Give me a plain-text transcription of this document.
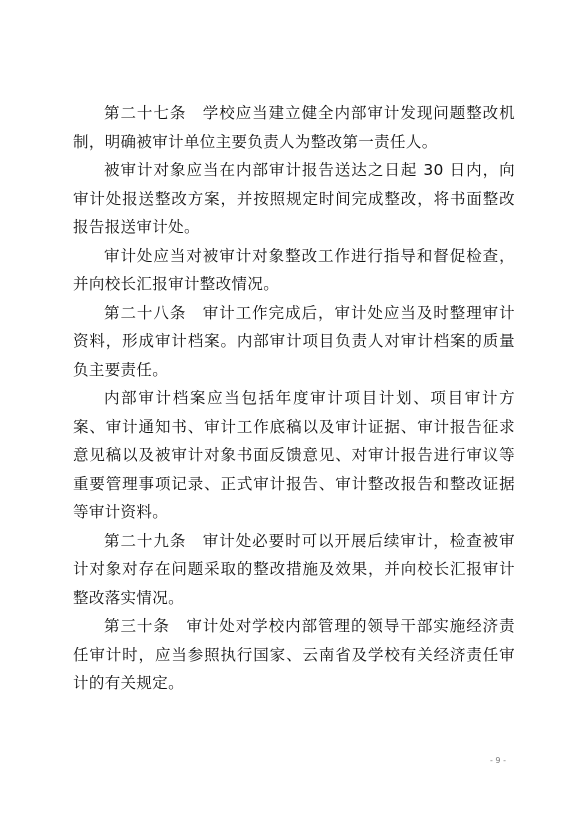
第二十七条　学校应当建立健全内部审计发现问题整改机制，明确被审计单位主要负责人为整改第一责任人。

被审计对象应当在内部审计报告送达之日起 30 日内，向审计处报送整改方案，并按照规定时间完成整改，将书面整改报告报送审计处。

审计处应当对被审计对象整改工作进行指导和督促检查，并向校长汇报审计整改情况。

第二十八条　审计工作完成后，审计处应当及时整理审计资料，形成审计档案。内部审计项目负责人对审计档案的质量负主要责任。

内部审计档案应当包括年度审计项目计划、项目审计方案、审计通知书、审计工作底稿以及审计证据、审计报告征求意见稿以及被审计对象书面反馈意见、对审计报告进行审议等重要管理事项记录、正式审计报告、审计整改报告和整改证据等审计资料。

第二十九条　审计处必要时可以开展后续审计，检查被审计对象对存在问题采取的整改措施及效果，并向校长汇报审计整改落实情况。

第三十条　审计处对学校内部管理的领导干部实施经济责任审计时，应当参照执行国家、云南省及学校有关经济责任审计的有关规定。

- 9 -
